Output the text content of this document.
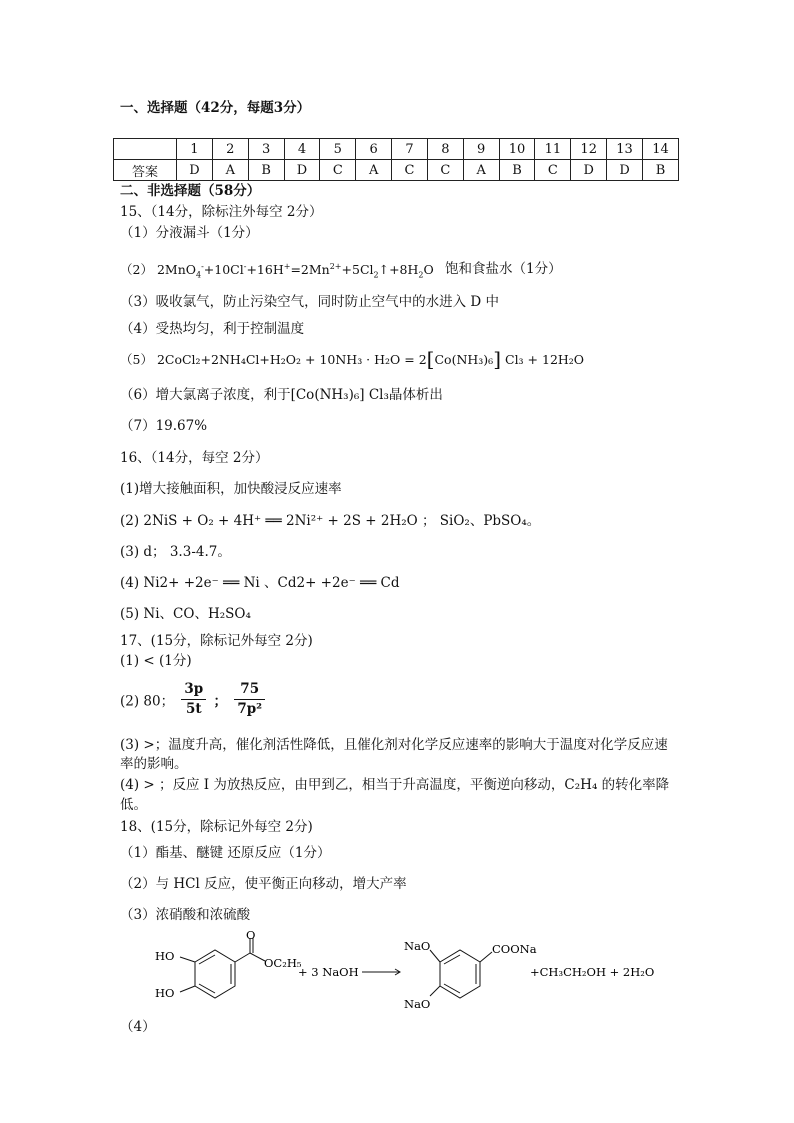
一、选择题（42分，每题3分）
	1	2	3	4	5	6	7	8	9	10	11	12	13	14
答案	D	A	B	D	C	A	C	C	A	B	C	D	D	B
二、非选择题（58分）
15、（14分，除标注外每空 2分）
（1）分液漏斗（1分）
（2） $2MnO_4^-+10Cl^-+16H^+=2Mn^{2+}+5Cl_2↑+8H_2O$ 饱和食盐水（1分）
（3）吸收氯气，防止污染空气，同时防止空气中的水进入 D 中
（4）受热均匀，利于控制温度
（5） 2CoCl₂+2NH₄Cl+H₂O₂ + 10NH₃ · H₂O = 2[Co(NH₃)₆] Cl₃ + 12H₂O
（6）增大氯离子浓度，利于[Co(NH₃)₆] Cl₃晶体析出
（7）19.67%
16、（14分，每空 2分）
(1)增大接触面积，加快酸浸反应速率
(2) 2NiS + O₂ + 4H⁺ ══ 2Ni²⁺ + 2S + 2H₂O ； SiO₂、PbSO₄。
(3) d； 3.3-4.7。
(4) Ni2+ +2e⁻ ══ Ni 、Cd2+ +2e⁻ ══ Cd
(5) Ni、CO、H₂SO₄
17、(15分，除标记外每空 2分)
(1) < (1分)
(2) 80； $\frac{3p}{5t}$ ； $\frac{75}{\text{7p²}}$
(3) >；温度升高，催化剂活性降低，且催化剂对化学反应速率的影响大于温度对化学反应速
率的影响。
(4) > ；反应 I 为放热反应，由甲到乙，相当于升高温度，平衡逆向移动，C₂H₄ 的转化率降
低。
18、(15分，除标记外每空 2分)
（1）酯基、醚键 还原反应（1分）
（2）与 HCl 反应，使平衡正向移动，增大产率
（3）浓硝酸和浓硫酸
（4）
HO
HO
O
OC₂H₅
+ 3 NaOH
NaO
NaO
COONa
+CH₃CH₂OH + 2H₂O
